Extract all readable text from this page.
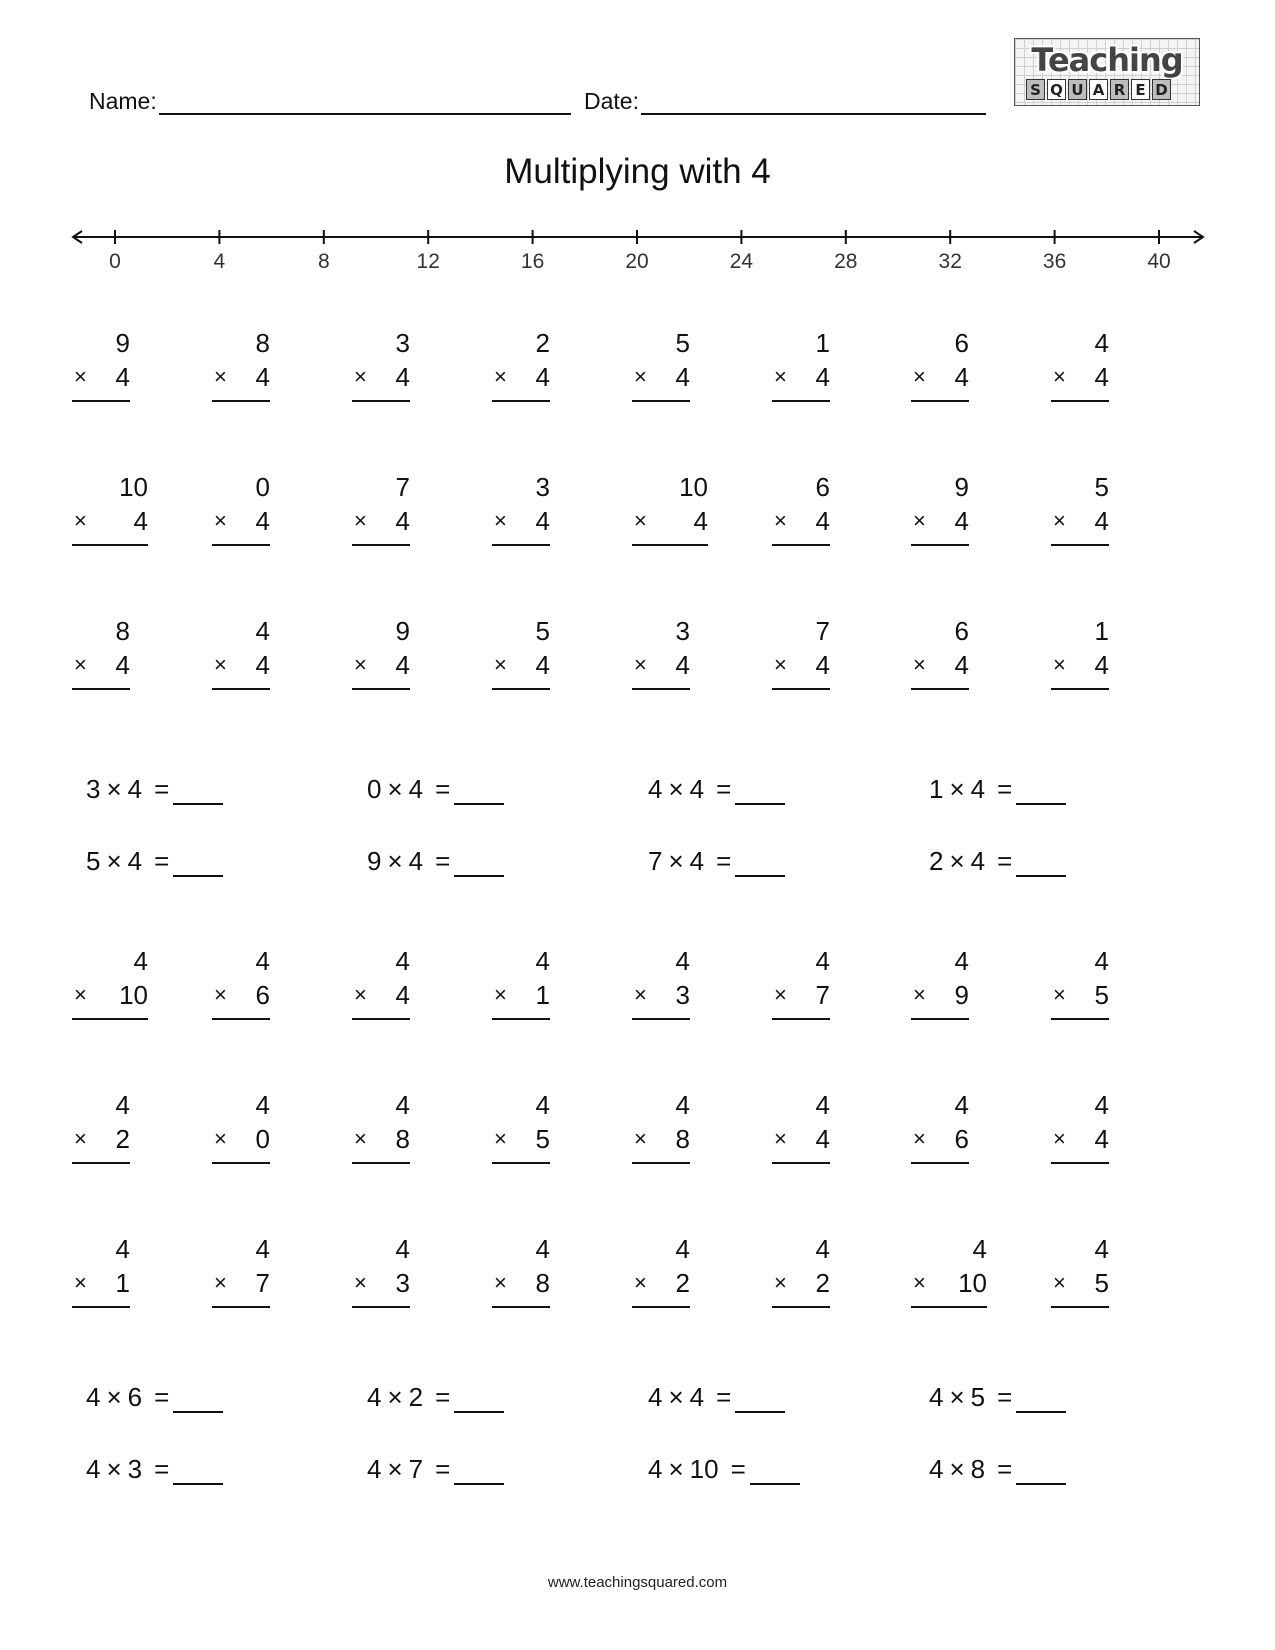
Name:	Date:
Teaching
S Q U A R E D
Multiplying with 4
0	4	8	12	16	20	24	28	32	36	40
9
× 4
8
× 4
3
× 4
2
× 4
5
× 4
1
× 4
6
× 4
4
× 4
10
× 4
0
× 4
7
× 4
3
× 4
10
× 4
6
× 4
9
× 4
5
× 4
8
× 4
4
× 4
9
× 4
5
× 4
3
× 4
7
× 4
6
× 4
1
× 4
4
× 10
4
× 6
4
× 4
4
× 1
4
× 3
4
× 7
4
× 9
4
× 5
4
× 2
4
× 0
4
× 8
4
× 5
4
× 8
4
× 4
4
× 6
4
× 4
4
× 1
4
× 7
4
× 3
4
× 8
4
× 2
4
× 2
4
× 10
4
× 5
3 × 4 =	0 × 4 =	4 × 4 =	1 × 4 =
5 × 4 =	9 × 4 =	7 × 4 =	2 × 4 =
4 × 6 =	4 × 2 =	4 × 4 =	4 × 5 =
4 × 3 =	4 × 7 =	4 × 10 =	4 × 8 =
www.teachingsquared.com
